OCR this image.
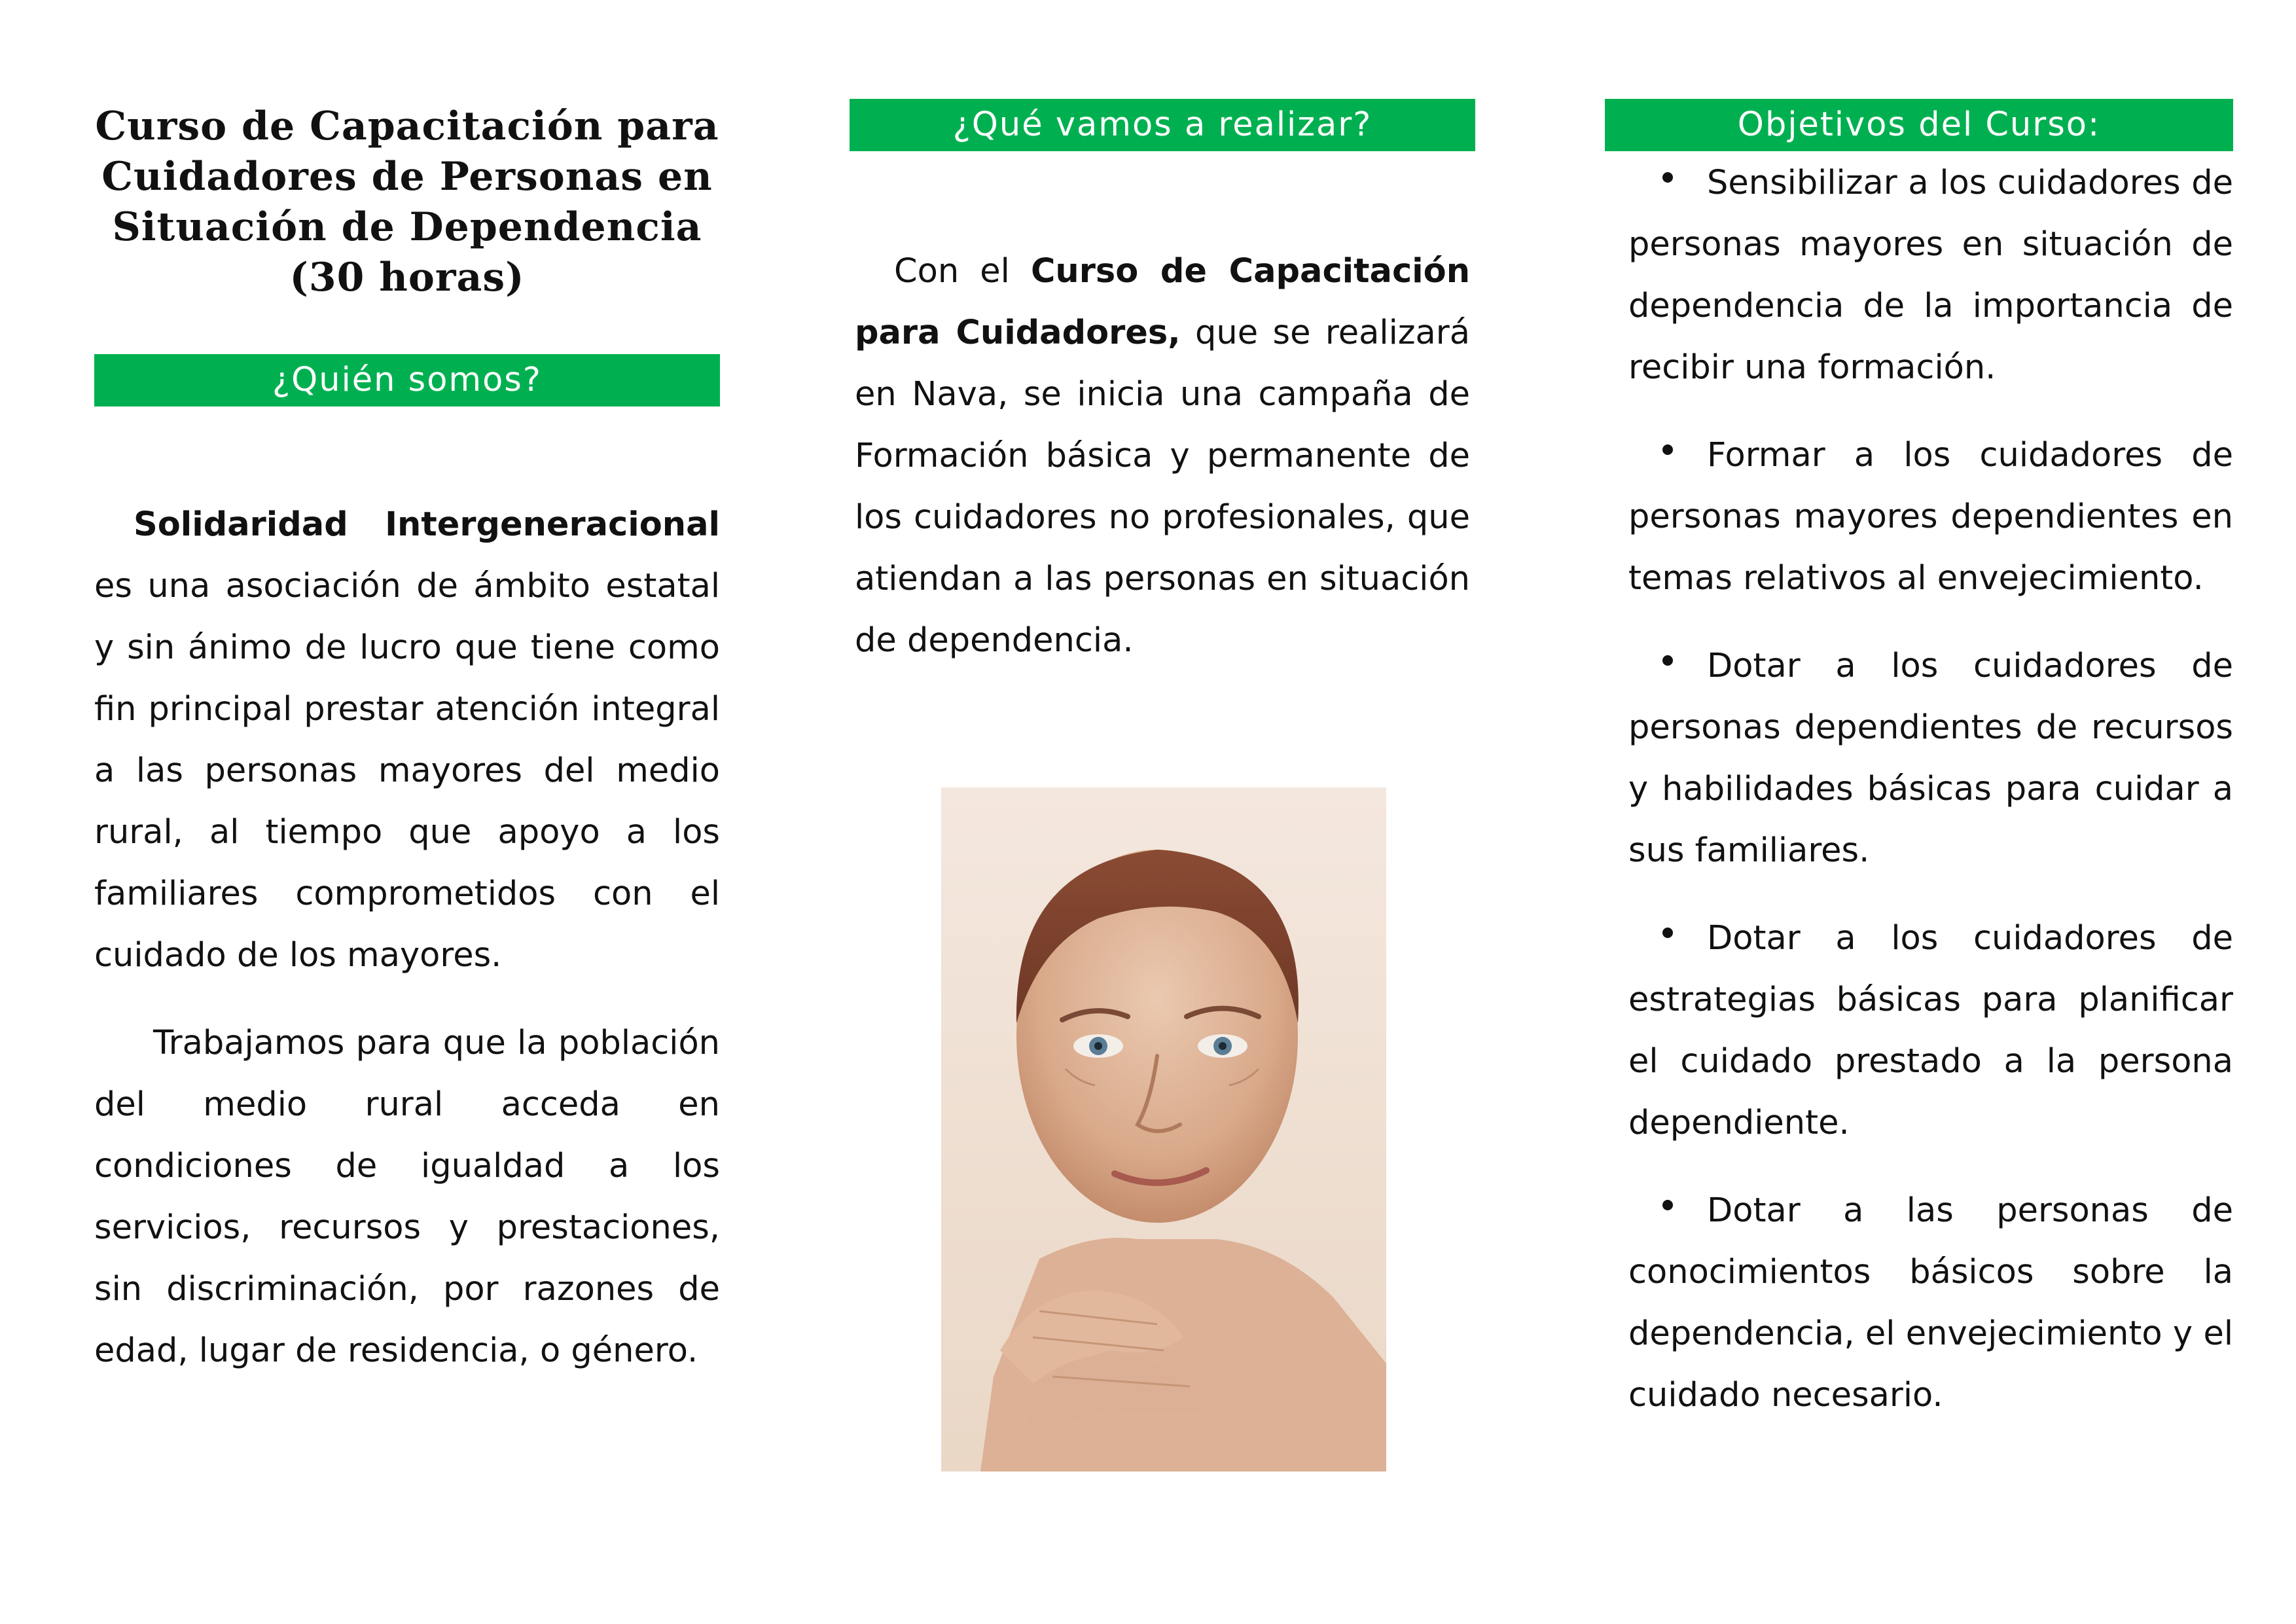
Curso de Capacitación para Cuidadores de Personas en Situación de Dependencia (30 horas)
¿Quién somos?

Solidaridad Intergeneracional es una asociación de ámbito estatal y sin ánimo de lucro que tiene como fin principal prestar atención integral a las personas mayores del medio rural, al tiempo que apoyo a los familiares comprometidos con el cuidado de los mayores.

Trabajamos para que la población del medio rural acceda en condiciones de igualdad a los servicios, recursos y prestaciones, sin discriminación, por razones de edad, lugar de residencia, o género.

¿Qué vamos a realizar?

Con el Curso de Capacitación para Cuidadores, que se realizará en Nava, se inicia una campaña de Formación básica y permanente de los cuidadores no profesionales, que atiendan a las personas en situación de dependencia.

Objetivos del Curso:
Sensibilizar a los cuidadores de personas mayores en situación de dependencia de la importancia de recibir una formación.
Formar a los cuidadores de personas mayores dependientes en temas relativos al envejecimiento.
Dotar a los cuidadores de personas dependientes de recursos y habilidades básicas para cuidar a sus familiares.
Dotar a los cuidadores de estrategias básicas para planificar el cuidado prestado a la persona dependiente.
Dotar a las personas de conocimientos básicos sobre la dependencia, el envejecimiento y el cuidado necesario.
